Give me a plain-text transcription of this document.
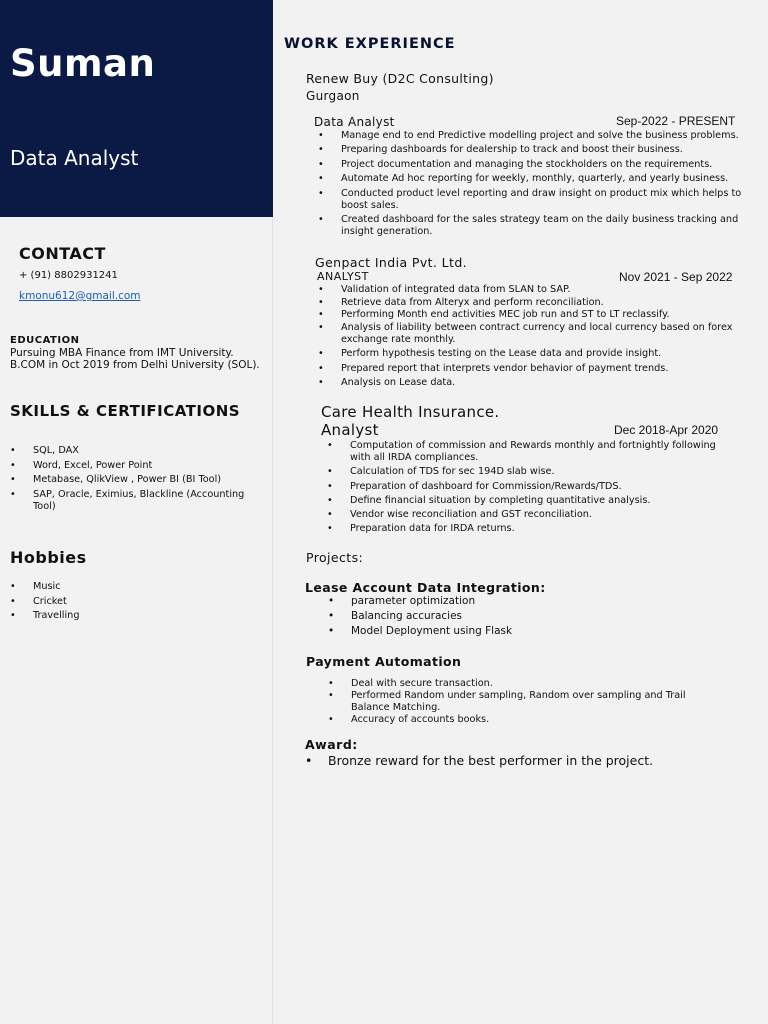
Suman
Data Analyst
CONTACT
+ (91) 8802931241
kmonu612@gmail.com
EDUCATION
Pursuing MBA Finance from IMT University.
B.COM in Oct 2019 from Delhi University (SOL).
SKILLS & CERTIFICATIONS
• SQL, DAX
• Word, Excel, Power Point
• Metabase, QlikView , Power BI (BI Tool)
• SAP, Oracle, Eximius, Blackline (Accounting Tool)
Hobbies
• Music
• Cricket
• Travelling
WORK EXPERIENCE
Renew Buy (D2C Consulting)
Gurgaon
Data Analyst	Sep-2022 - PRESENT
• Manage end to end Predictive modelling project and solve the business problems.
• Preparing dashboards for dealership to track and boost their business.
• Project documentation and managing the stockholders on the requirements.
• Automate Ad hoc reporting for weekly, monthly, quarterly, and yearly business.
• Conducted product level reporting and draw insight on product mix which helps to boost sales.
• Created dashboard for the sales strategy team on the daily business tracking and insight generation.
Genpact India Pvt. Ltd.
ANALYST	Nov 2021 - Sep 2022
• Validation of integrated data from SLAN to SAP.
• Retrieve data from Alteryx and perform reconciliation.
• Performing Month end activities MEC job run and ST to LT reclassify.
• Analysis of liability between contract currency and local currency based on forex exchange rate monthly.
• Perform hypothesis testing on the Lease data and provide insight.
• Prepared report that interprets vendor behavior of payment trends.
• Analysis on Lease data.
Care Health Insurance.
Analyst	Dec 2018-Apr 2020
• Computation of commission and Rewards monthly and fortnightly following with all IRDA compliances.
• Calculation of TDS for sec 194D slab wise.
• Preparation of dashboard for Commission/Rewards/TDS.
• Define financial situation by completing quantitative analysis.
• Vendor wise reconciliation and GST reconciliation.
• Preparation data for IRDA returns.
Projects:
Lease Account Data Integration:
• parameter optimization
• Balancing accuracies
• Model Deployment using Flask
Payment Automation
• Deal with secure transaction.
• Performed Random under sampling, Random over sampling and Trail Balance Matching.
• Accuracy of accounts books.
Award:
• Bronze reward for the best performer in the project.
